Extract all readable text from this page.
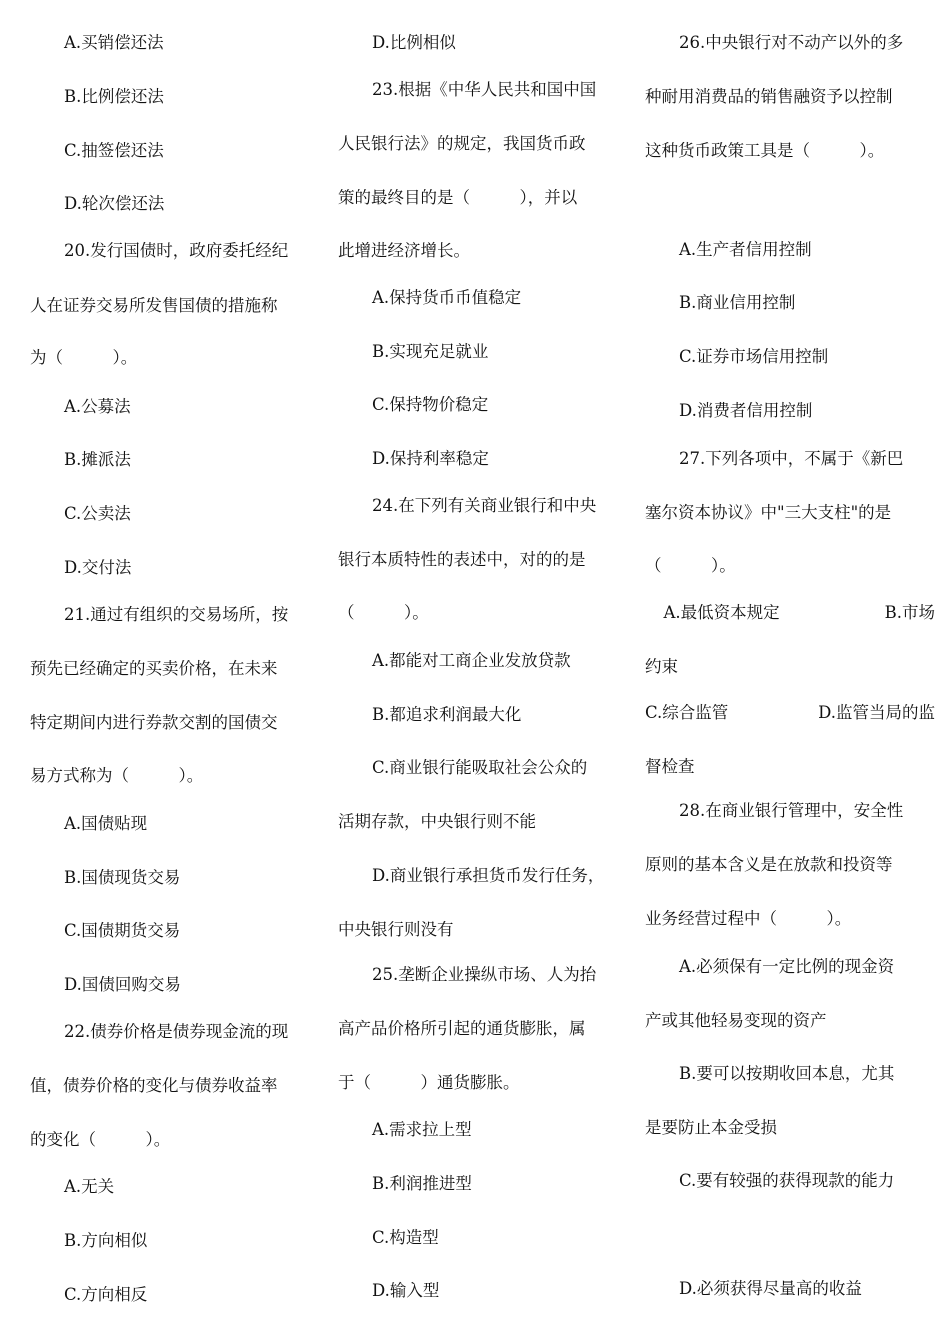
A.买销偿还法
B.比例偿还法
C.抽签偿还法
D.轮次偿还法
20.发行国债时，政府委托经纪
人在证券交易所发售国债的措施称
为（　　　）。
A.公募法
B.摊派法
C.公卖法
D.交付法
21.通过有组织的交易场所，按
预先已经确定的买卖价格，在未来
特定期间内进行券款交割的国债交
易方式称为（　　　）。
A.国债贴现
B.国债现货交易
C.国债期货交易
D.国债回购交易
22.债券价格是债券现金流的现
值，债券价格的变化与债券收益率
的变化（　　　）。
A.无关
B.方向相似
C.方向相反
D.比例相似
23.根据《中华人民共和国中国
人民银行法》的规定，我国货币政
策的最终目的是（　　　），并以
此增进经济增长。
A.保持货币币值稳定
B.实现充足就业
C.保持物价稳定
D.保持利率稳定
24.在下列有关商业银行和中央
银行本质特性的表述中，对的的是
（　　　）。
A.都能对工商企业发放贷款
B.都追求利润最大化
C.商业银行能吸取社会公众的
活期存款，中央银行则不能
D.商业银行承担货币发行任务，
中央银行则没有
25.垄断企业操纵市场、人为抬
高产品价格所引起的通货膨胀，属
于（　　　）通货膨胀。
A.需求拉上型
B.利润推进型
C.构造型
D.输入型
26.中央银行对不动产以外的多
种耐用消费品的销售融资予以控制
这种货币政策工具是（　　　）。
A.生产者信用控制
B.商业信用控制
C.证券市场信用控制
D.消费者信用控制
27.下列各项中，不属于《新巴
塞尔资本协议》中"三大支柱"的是
（　　　）。
　A.最低资本规定	B.市场
约束
C.综合监管	D.监管当局的监
督检查
28.在商业银行管理中，安全性
原则的基本含义是在放款和投资等
业务经营过程中（　　　）。
A.必须保有一定比例的现金资
产或其他轻易变现的资产
B.要可以按期收回本息，尤其
是要防止本金受损
C.要有较强的获得现款的能力
D.必须获得尽量高的收益
